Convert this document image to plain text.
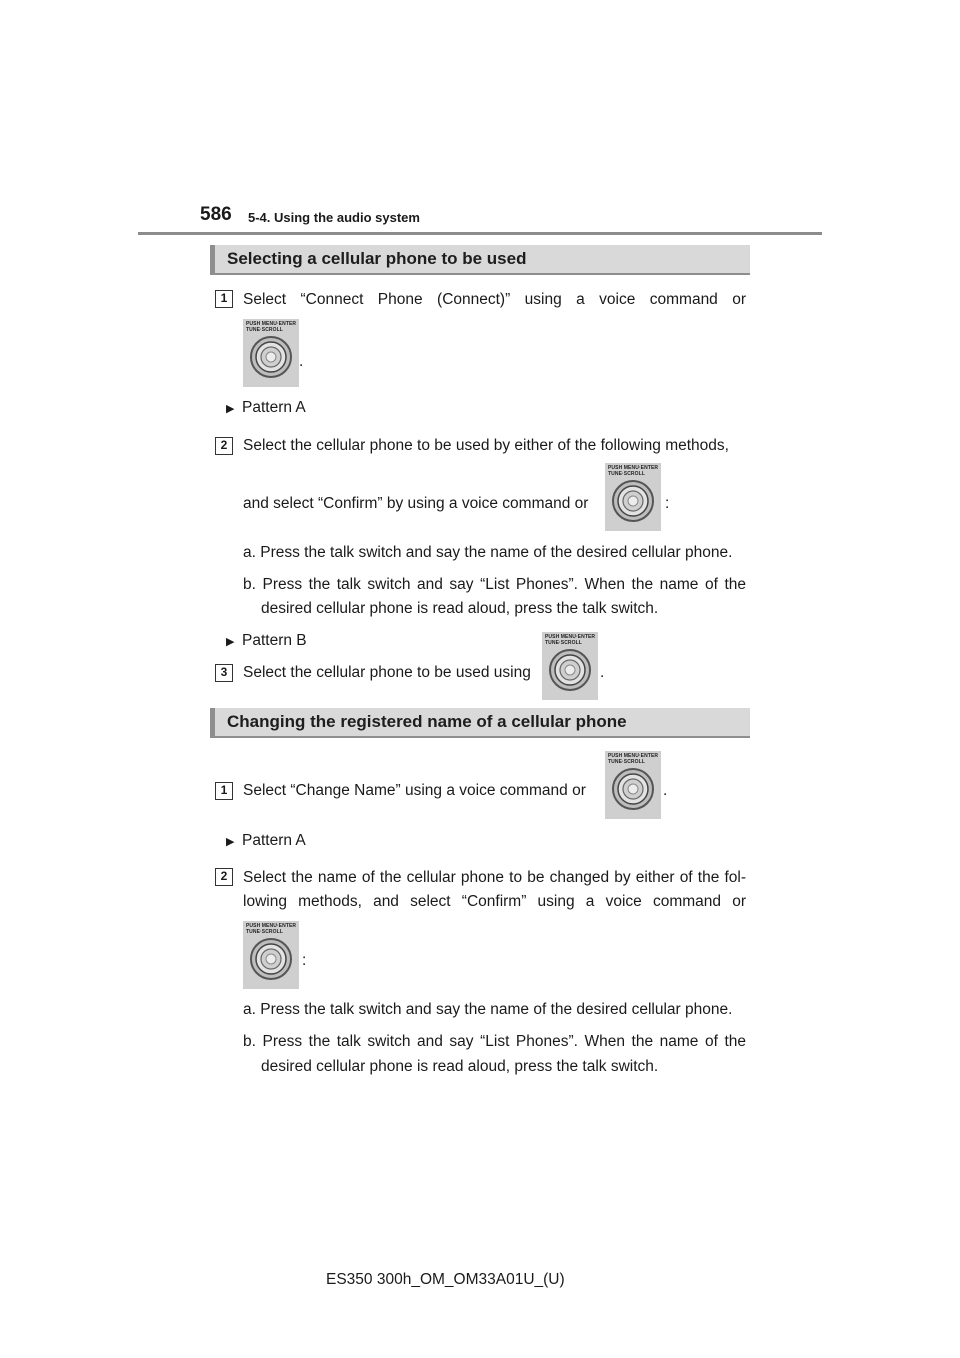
586 5-4. Using the audio system
Selecting a cellular phone to be used
1	Select “Connect Phone (Connect)” using a voice command or
PUSH MENU·ENTER
TUNE·SCROLL
.
▶ Pattern A
2	Select the cellular phone to be used by either of the following methods,
and select “Confirm” by using a voice command or
PUSH MENU·ENTER
TUNE·SCROLL
:
a. Press the talk switch and say the name of the desired cellular phone.
b. Press the talk switch and say “List Phones”. When the name of the
desired cellular phone is read aloud, press the talk switch.
▶ Pattern B
3	Select the cellular phone to be used using
PUSH MENU·ENTER
TUNE·SCROLL
.
Changing the registered name of a cellular phone
1	Select “Change Name” using a voice command or
PUSH MENU·ENTER
TUNE·SCROLL
.
▶ Pattern A
2	Select the name of the cellular phone to be changed by either of the fol-
lowing methods, and select “Confirm” using a voice command or
PUSH MENU·ENTER
TUNE·SCROLL
:
a. Press the talk switch and say the name of the desired cellular phone.
b. Press the talk switch and say “List Phones”. When the name of the
desired cellular phone is read aloud, press the talk switch.
ES350 300h_OM_OM33A01U_(U)
